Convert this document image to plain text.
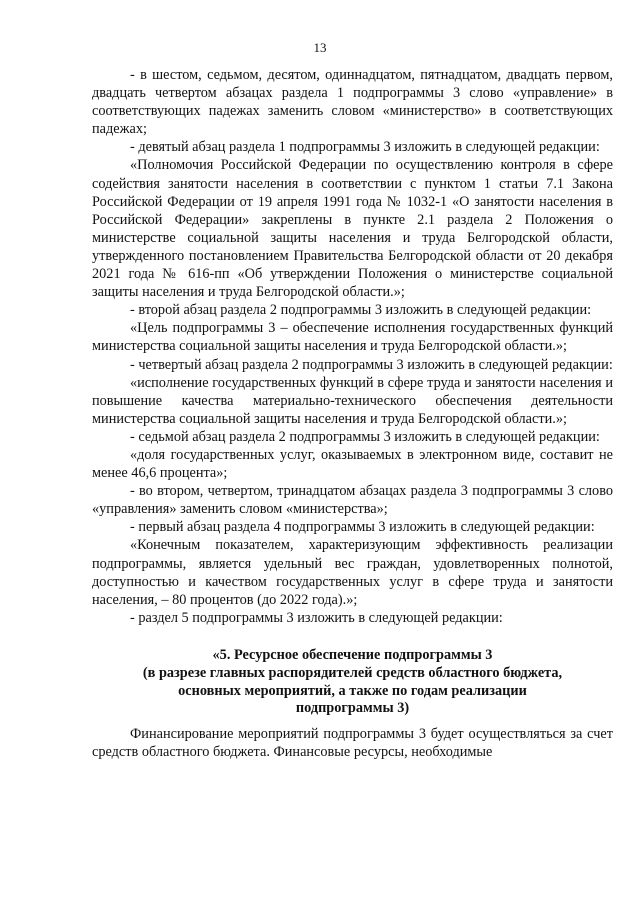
13

- в шестом, седьмом, десятом, одиннадцатом, пятнадцатом, двадцать первом, двадцать четвертом абзацах раздела 1 подпрограммы 3 слово «управление» в соответствующих падежах заменить словом «министерство» в соответствующих падежах;

- девятый абзац раздела 1 подпрограммы 3 изложить в следующей редакции:

«Полномочия Российской Федерации по осуществлению контроля в сфере содействия занятости населения в соответствии с пунктом 1 статьи 7.1 Закона Российской Федерации от 19 апреля 1991 года № 1032-1 «О занятости населения в Российской Федерации» закреплены в пункте 2.1 раздела 2 Положения о министерстве социальной защиты населения и труда Белгородской области, утвержденного постановлением Правительства Белгородской области от 20 декабря 2021 года № 616-пп «Об утверждении Положения о министерстве социальной защиты населения и труда Белгородской области.»;

- второй абзац раздела 2 подпрограммы 3 изложить в следующей редакции:

«Цель подпрограммы 3 – обеспечение исполнения государственных функций министерства социальной защиты населения и труда Белгородской области.»;

- четвертый абзац раздела 2 подпрограммы 3 изложить в следующей редакции:

«исполнение государственных функций в сфере труда и занятости населения и повышение качества материально-технического обеспечения деятельности министерства социальной защиты населения и труда Белгородской области.»;

- седьмой абзац раздела 2 подпрограммы 3 изложить в следующей редакции:

«доля государственных услуг, оказываемых в электронном виде, составит не менее 46,6 процента»;

- во втором, четвертом, тринадцатом абзацах раздела 3 подпрограммы 3 слово «управления» заменить словом «министерства»;

- первый абзац раздела 4 подпрограммы 3 изложить в следующей редакции:

«Конечным показателем, характеризующим эффективность реализации подпрограммы, является удельный вес граждан, удовлетворенных полнотой, доступностью и качеством государственных услуг в сфере труда и занятости населения, – 80 процентов (до 2022 года).»;

- раздел 5 подпрограммы 3 изложить в следующей редакции:

«5. Ресурсное обеспечение подпрограммы 3
(в разрезе главных распорядителей средств областного бюджета,
основных мероприятий, а также по годам реализации
подпрограммы 3)

Финансирование мероприятий подпрограммы 3 будет осуществляться за счет средств областного бюджета. Финансовые ресурсы, необходимые
